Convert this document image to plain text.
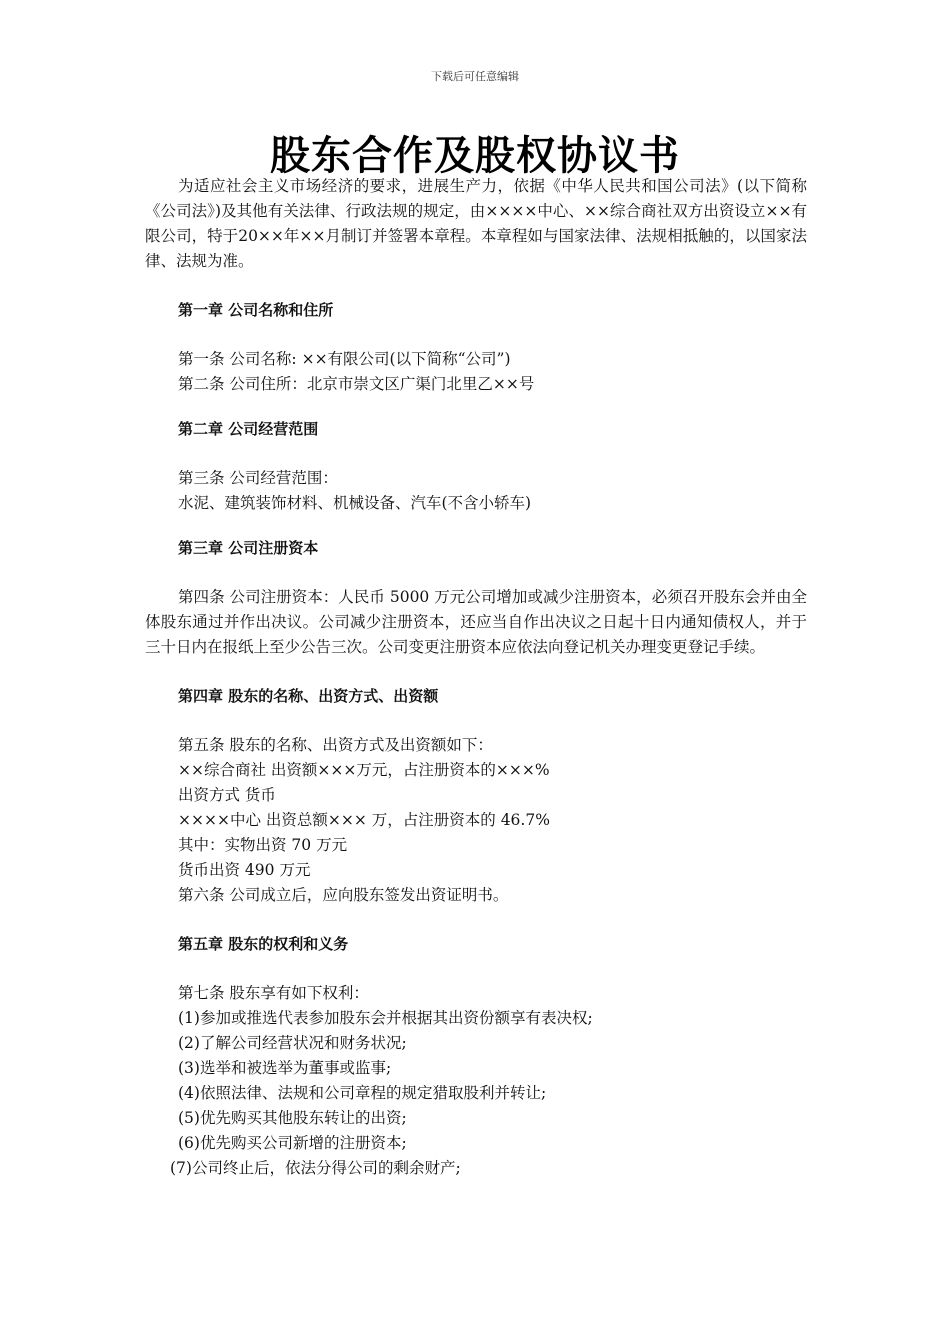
下载后可任意编辑
股东合作及股权协议书

为适应社会主义市场经济的要求，进展生产力，依据《中华人民共和国公司法》(以下简称《公司法》)及其他有关法律、行政法规的规定，由××××中心、××综合商社双方出资设立××有限公司，特于20××年××月制订并签署本章程。本章程如与国家法律、法规相抵触的，以国家法律、法规为准。

第一章 公司名称和住所

第一条 公司名称: ××有限公司(以下简称“公司”)

第二条 公司住所：北京市崇文区广渠门北里乙××号

第二章 公司经营范围

第三条 公司经营范围：

水泥、建筑装饰材料、机械设备、汽车(不含小轿车)

第三章 公司注册资本

第四条 公司注册资本：人民币 5000 万元公司增加或减少注册资本，必须召开股东会并由全体股东通过并作出决议。公司减少注册资本，还应当自作出决议之日起十日内通知债权人，并于三十日内在报纸上至少公告三次。公司变更注册资本应依法向登记机关办理变更登记手续。

第四章 股东的名称、出资方式、出资额

第五条 股东的名称、出资方式及出资额如下：

××综合商社 出资额×××万元，占注册资本的×××%

出资方式 货币

××××中心 出资总额××× 万，占注册资本的 46.7%

其中：实物出资 70 万元

货币出资 490 万元

第六条 公司成立后，应向股东签发出资证明书。

第五章 股东的权利和义务

第七条 股东享有如下权利：

(1)参加或推选代表参加股东会并根据其出资份额享有表决权;

(2)了解公司经营状况和财务状况;

(3)选举和被选举为董事或监事;

(4)依照法律、法规和公司章程的规定猎取股利并转让;

(5)优先购买其他股东转让的出资;

(6)优先购买公司新增的注册资本;

(7)公司终止后，依法分得公司的剩余财产;
